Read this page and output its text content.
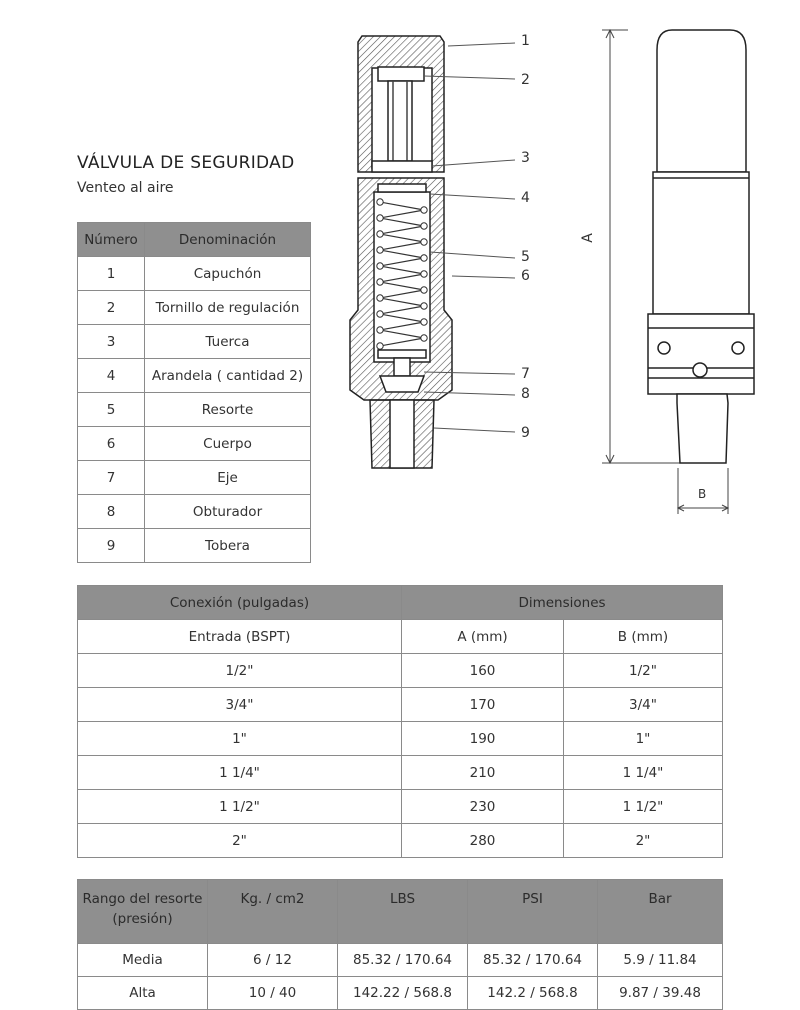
VÁLVULA DE SEGURIDAD
Venteo al aire
Número	Denominación
1	Capuchón
2	Tornillo de regulación
3	Tuerca
4	Arandela ( cantidad 2)
5	Resorte
6	Cuerpo
7	Eje
8	Obturador
9	Tobera
1
2
3
4
5
6
7
8
9
A
B
Conexión (pulgadas)	Dimensiones	
Entrada (BSPT)	A (mm)	B (mm)
1/2"	160	1/2"
3/4"	170	3/4"
1"	190	1"
1 1/4"	210	1 1/4"
1 1/2"	230	1 1/2"
2"	280	2"
Rango del resorte (presión)	Kg. / cm2	LBS	PSI	Bar
Media	6 / 12	85.32 / 170.64	85.32 / 170.64	5.9 / 11.84
Alta	10 / 40	142.22 / 568.8	142.2 / 568.8	9.87 / 39.48
